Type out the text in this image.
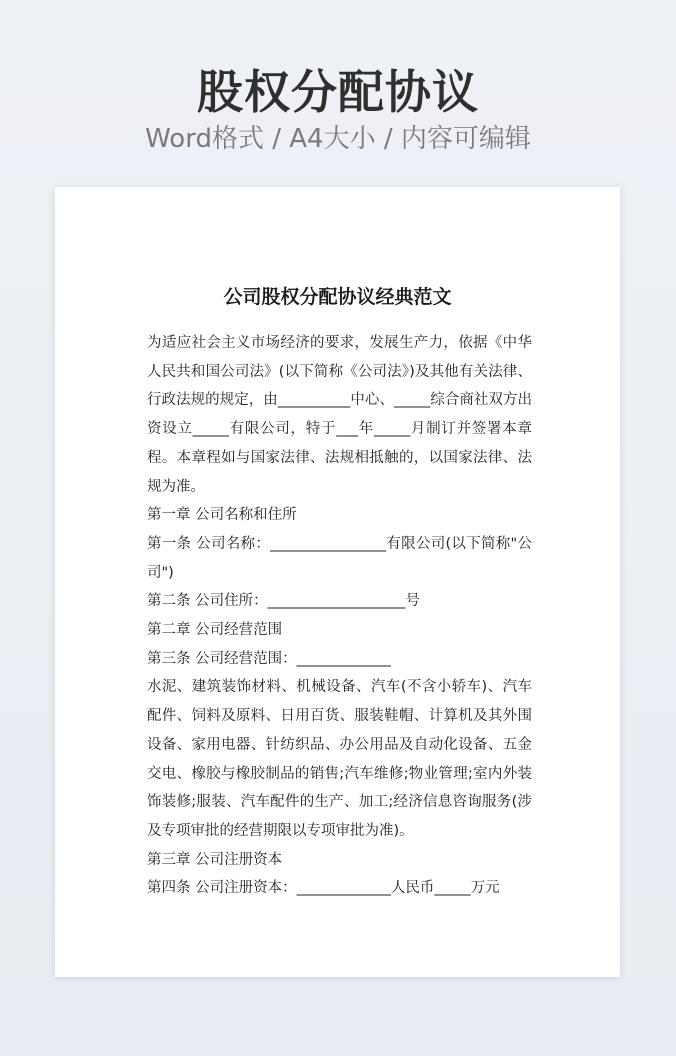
股权分配协议
Word格式 / A4大小 / 内容可编辑
公司股权分配协议经典范文

为适应社会主义市场经济的要求，发展生产力，依据《中华人民共和国公司法》(以下简称《公司法》)及其他有关法律、行政法规的规定，由__________中心、_____综合商社双方出资设立_____有限公司，特于___年_____月制订并签署本章程。本章程如与国家法律、法规相抵触的，以国家法律、法规为准。

第一章 公司名称和住所

第一条 公司名称：________________有限公司(以下简称"公司")

第二条 公司住所：___________________号

第二章 公司经营范围

第三条 公司经营范围：_____________

水泥、建筑装饰材料、机械设备、汽车(不含小轿车)、汽车配件、饲料及原料、日用百货、服装鞋帽、计算机及其外围设备、家用电器、针纺织品、办公用品及自动化设备、五金交电、橡胶与橡胶制品的销售;汽车维修;物业管理;室内外装饰装修;服装、汽车配件的生产、加工;经济信息咨询服务(涉及专项审批的经营期限以专项审批为准)。

第三章 公司注册资本

第四条 公司注册资本：_____________人民币_____万元
